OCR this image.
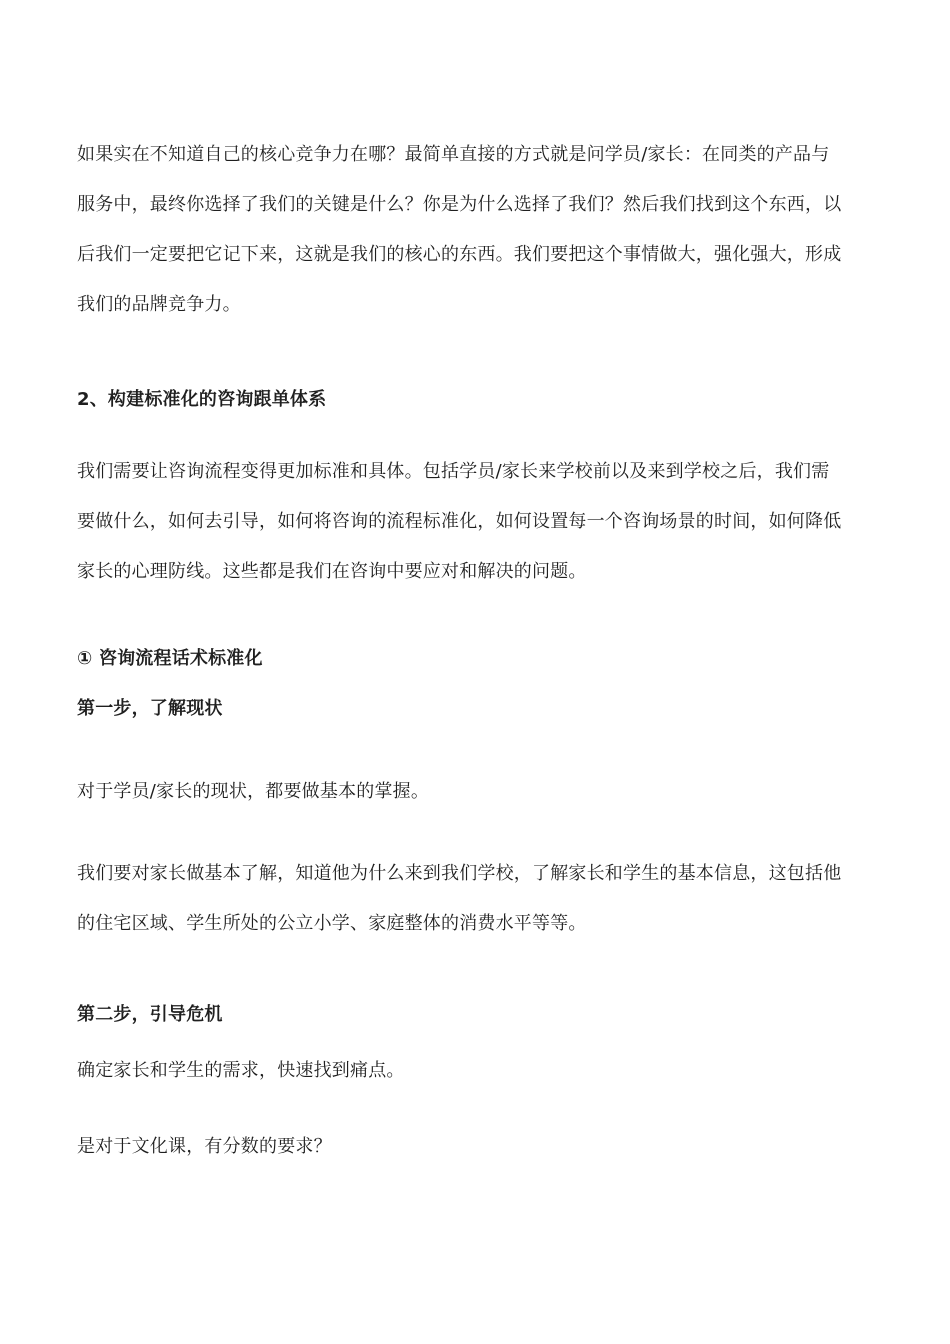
如果实在不知道自己的核心竞争力在哪？最简单直接的方式就是问学员/家长：在同类的产品与
服务中，最终你选择了我们的关键是什么？你是为什么选择了我们？然后我们找到这个东西，以
后我们一定要把它记下来，这就是我们的核心的东西。我们要把这个事情做大，强化强大，形成
我们的品牌竞争力。
2、构建标准化的咨询跟单体系
我们需要让咨询流程变得更加标准和具体。包括学员/家长来学校前以及来到学校之后，我们需
要做什么，如何去引导，如何将咨询的流程标准化，如何设置每一个咨询场景的时间，如何降低
家长的心理防线。这些都是我们在咨询中要应对和解决的问题。
① 咨询流程话术标准化
第一步，了解现状
对于学员/家长的现状，都要做基本的掌握。
我们要对家长做基本了解，知道他为什么来到我们学校，了解家长和学生的基本信息，这包括他
的住宅区域、学生所处的公立小学、家庭整体的消费水平等等。
第二步，引导危机
确定家长和学生的需求，快速找到痛点。
是对于文化课，有分数的要求？
